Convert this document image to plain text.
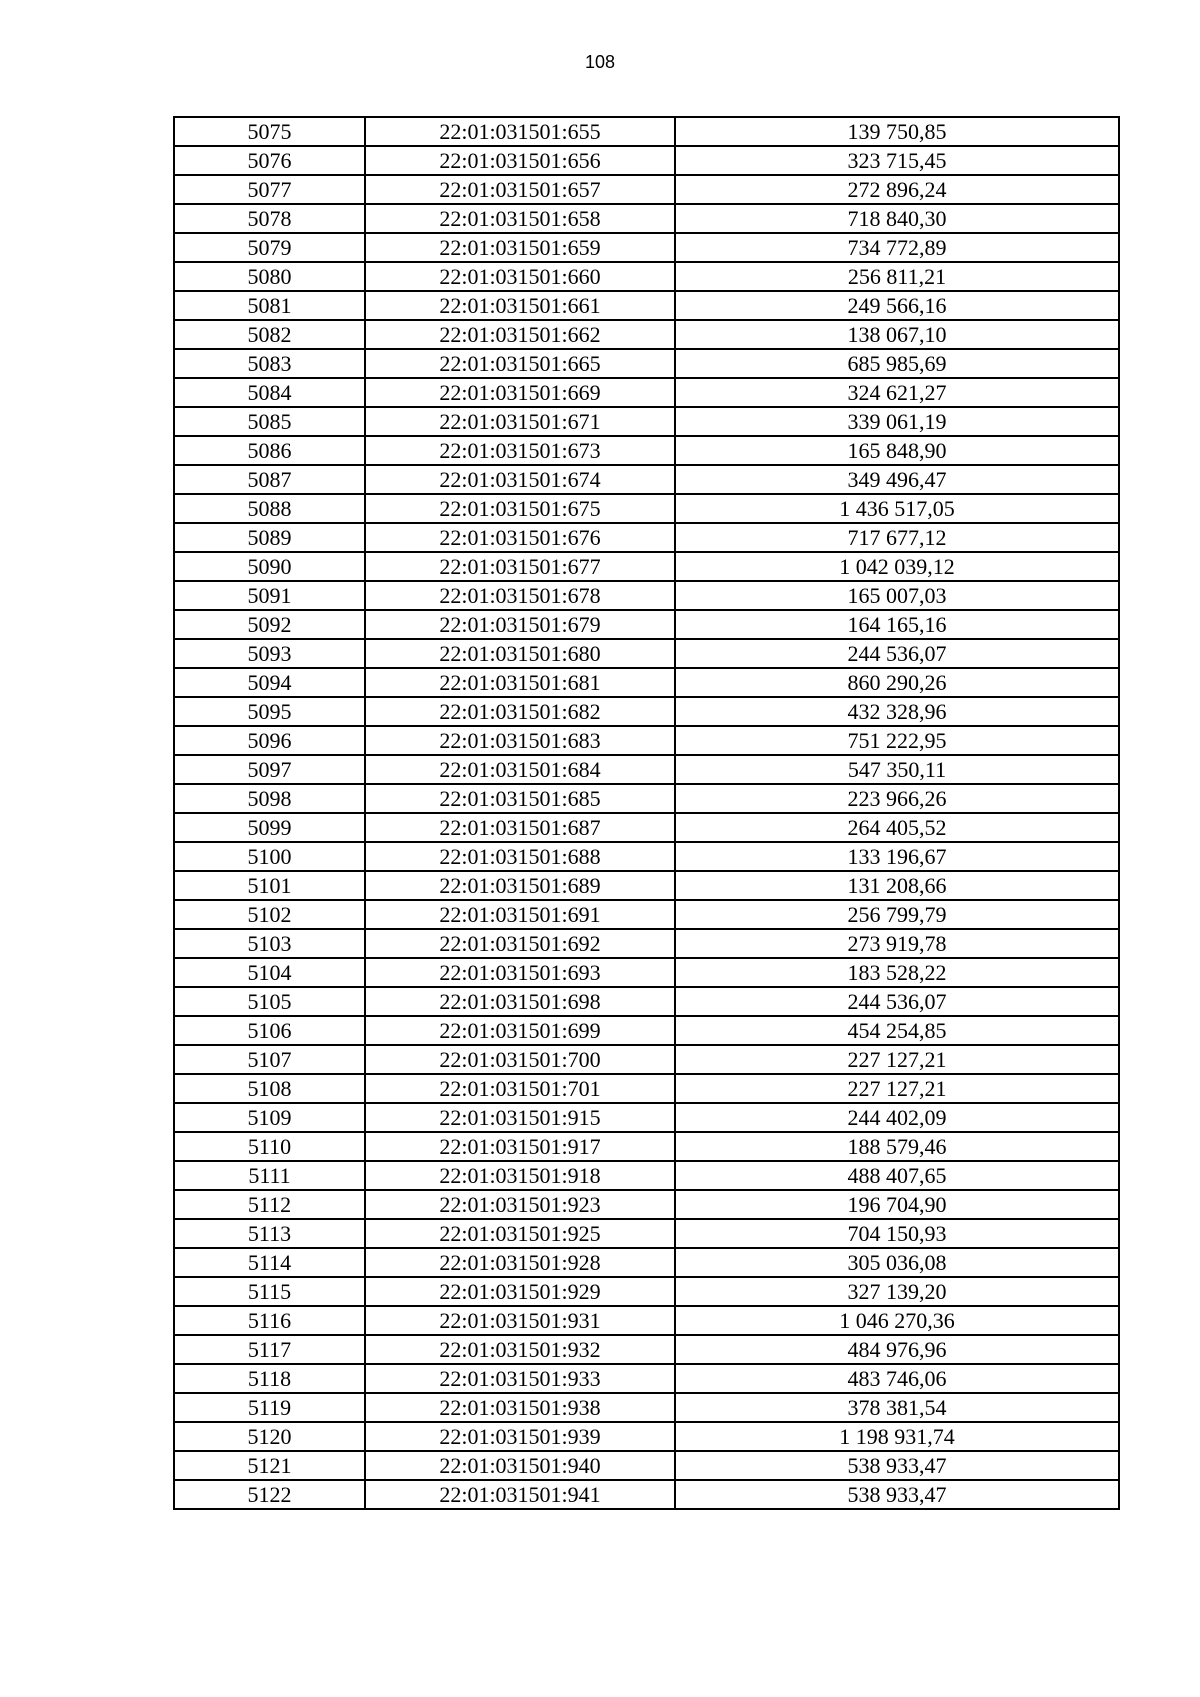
108
5075	22:01:031501:655	139 750,85
5076	22:01:031501:656	323 715,45
5077	22:01:031501:657	272 896,24
5078	22:01:031501:658	718 840,30
5079	22:01:031501:659	734 772,89
5080	22:01:031501:660	256 811,21
5081	22:01:031501:661	249 566,16
5082	22:01:031501:662	138 067,10
5083	22:01:031501:665	685 985,69
5084	22:01:031501:669	324 621,27
5085	22:01:031501:671	339 061,19
5086	22:01:031501:673	165 848,90
5087	22:01:031501:674	349 496,47
5088	22:01:031501:675	1 436 517,05
5089	22:01:031501:676	717 677,12
5090	22:01:031501:677	1 042 039,12
5091	22:01:031501:678	165 007,03
5092	22:01:031501:679	164 165,16
5093	22:01:031501:680	244 536,07
5094	22:01:031501:681	860 290,26
5095	22:01:031501:682	432 328,96
5096	22:01:031501:683	751 222,95
5097	22:01:031501:684	547 350,11
5098	22:01:031501:685	223 966,26
5099	22:01:031501:687	264 405,52
5100	22:01:031501:688	133 196,67
5101	22:01:031501:689	131 208,66
5102	22:01:031501:691	256 799,79
5103	22:01:031501:692	273 919,78
5104	22:01:031501:693	183 528,22
5105	22:01:031501:698	244 536,07
5106	22:01:031501:699	454 254,85
5107	22:01:031501:700	227 127,21
5108	22:01:031501:701	227 127,21
5109	22:01:031501:915	244 402,09
5110	22:01:031501:917	188 579,46
5111	22:01:031501:918	488 407,65
5112	22:01:031501:923	196 704,90
5113	22:01:031501:925	704 150,93
5114	22:01:031501:928	305 036,08
5115	22:01:031501:929	327 139,20
5116	22:01:031501:931	1 046 270,36
5117	22:01:031501:932	484 976,96
5118	22:01:031501:933	483 746,06
5119	22:01:031501:938	378 381,54
5120	22:01:031501:939	1 198 931,74
5121	22:01:031501:940	538 933,47
5122	22:01:031501:941	538 933,47
